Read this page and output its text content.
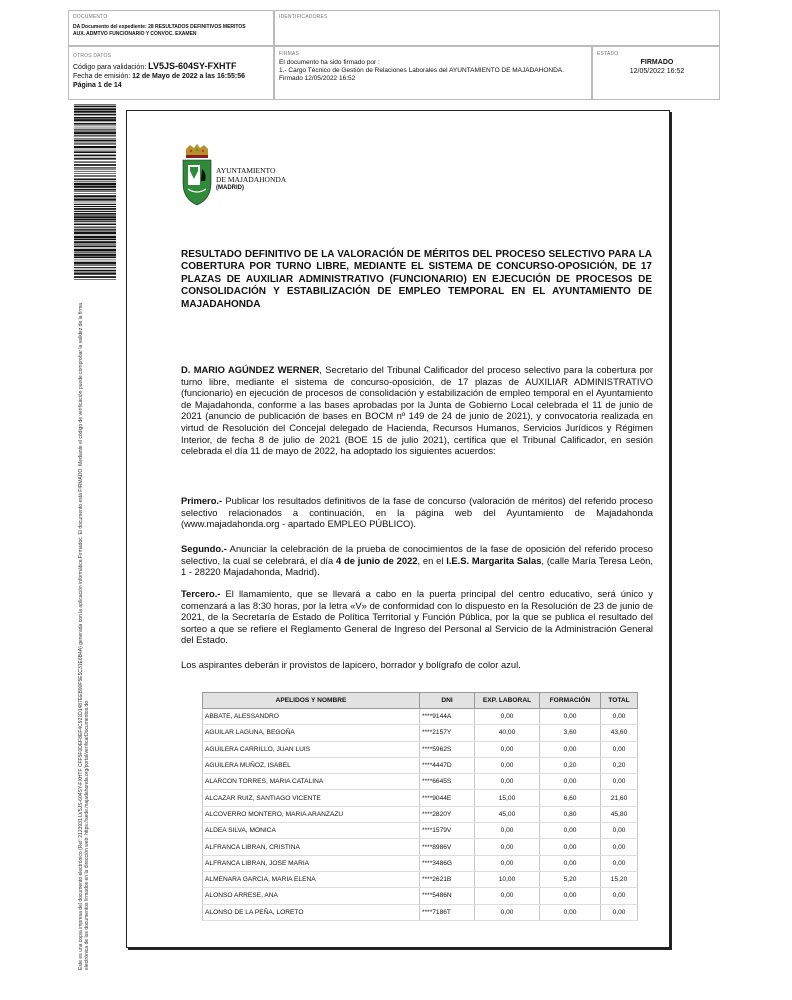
DOCUMENTO
DA Documento del expediente: 28 RESULTADOS DEFINITIVOS MERITOS AUX. ADMTVO FUNCIONARIO Y CONVOC. EXAMEN
IDENTIFICADORES
OTROS DATOS
Código para validación: LV5JS-604SY-FXHTF
Fecha de emisión: 12 de Mayo de 2022 a las 16:55:56
Página 1 de 14
FIRMAS
El documento ha sido firmado por :
1.- Cargo Técnico de Gestión de Relaciones Laborales del AYUNTAMIENTO DE MAJADAHONDA. Firmado 12/05/2022 16:52
ESTADO
FIRMADO
12/05/2022 16:52
Este es una copia impresa del documento electrónico (Ref: 2123931 LV5JS-604SY-FXHTF CFF5F0DEF8EF4C921D1487EEB90F5E5C31E6B4A) generada con la aplicación informática Firmadoc. El documento está FIRMADO. Mediante el código de verificación puede comprobar la validez de la firma electrónica de los documentos firmados en la dirección web: https://sede.majadahonda.org/portal/verificarDocumentos.do
AYUNTAMIENTO
DE MAJADAHONDA
(MADRID)
RESULTADO DEFINITIVO DE LA VALORACIÓN DE MÉRITOS DEL PROCESO SELECTIVO PARA LA COBERTURA POR TURNO LIBRE, MEDIANTE EL SISTEMA DE CONCURSO-OPOSICIÓN, DE 17 PLAZAS DE AUXILIAR ADMINISTRATIVO (FUNCIONARIO) EN EJECUCIÓN DE PROCESOS DE CONSOLIDACIÓN Y ESTABILIZACIÓN DE EMPLEO TEMPORAL EN EL AYUNTAMIENTO DE MAJADAHONDA
D. MARIO AGÚNDEZ WERNER, Secretario del Tribunal Calificador del proceso selectivo para la cobertura por turno libre, mediante el sistema de concurso-oposición, de 17 plazas de AUXILIAR ADMINISTRATIVO (funcionario) en ejecución de procesos de consolidación y estabilización de empleo temporal en el Ayuntamiento de Majadahonda, conforme a las bases aprobadas por la Junta de Gobierno Local celebrada el 11 de junio de 2021 (anuncio de publicación de bases en BOCM nº 149 de 24 de junio de 2021), y convocatoria realizada en virtud de Resolución del Concejal delegado de Hacienda, Recursos Humanos, Servicios Jurídicos y Régimen Interior, de fecha 8 de julio de 2021 (BOE 15 de julio 2021), certifica que el Tribunal Calificador, en sesión celebrada el día 11 de mayo de 2022, ha adoptado los siguientes acuerdos:
Primero.- Publicar los resultados definitivos de la fase de concurso (valoración de méritos) del referido proceso selectivo relacionados a continuación, en la página web del Ayuntamiento de Majadahonda (www.majadahonda.org - apartado EMPLEO PÚBLICO).
Segundo.- Anunciar la celebración de la prueba de conocimientos de la fase de oposición del referido proceso selectivo, la cual se celebrará, el día 4 de junio de 2022, en el I.E.S. Margarita Salas, (calle María Teresa León, 1 - 28220 Majadahonda, Madrid).
Tercero.- El llamamiento, que se llevará a cabo en la puerta principal del centro educativo, será único y comenzará a las 8:30 horas, por la letra «V» de conformidad con lo dispuesto en la Resolución de 23 de junio de 2021, de la Secretaría de Estado de Política Territorial y Función Pública, por la que se publica el resultado del sorteo a que se refiere el Reglamento General de Ingreso del Personal al Servicio de la Administración General del Estado.
Los aspirantes deberán ir provistos de lapicero, borrador y bolígrafo de color azul.
APELIDOS Y NOMBRE	DNI	EXP. LABORAL	FORMACIÓN	TOTAL
ABBATE, ALESSANDRO	****9144A	0,00	0,00	0,00
AGUILAR LAGUNA, BEGOÑA	****2157Y	40,00	3,60	43,60
AGUILERA CARRILLO, JUAN LUIS	****5962S	0,00	0,00	0,00
AGUILERA MUÑOZ, ISABEL	****4447D	0,00	0,20	0,20
ALARCON TORRES, MARIA CATALINA	****6645S	0,00	0,00	0,00
ALCAZAR RUIZ, SANTIAGO VICENTE	****9044E	15,00	6,60	21,60
ALCOVERRO MONTERO, MARIA ARANZAZU	****2820Y	45,00	0,80	45,80
ALDEA SILVA, MONICA	****1579V	0,00	0,00	0,00
ALFRANCA LIBRAN, CRISTINA	****8986V	0,00	0,00	0,00
ALFRANCA LIBRAN, JOSE MARIA	****3486G	0,00	0,00	0,00
ALMENARA GARCIA, MARIA ELENA	****2621B	10,00	5,20	15,20
ALONSO ARRESE, ANA	****5486N	0,00	0,00	0,00
ALONSO DE LA PEÑA, LORETO	****7186T	0,00	0,00	0,00
